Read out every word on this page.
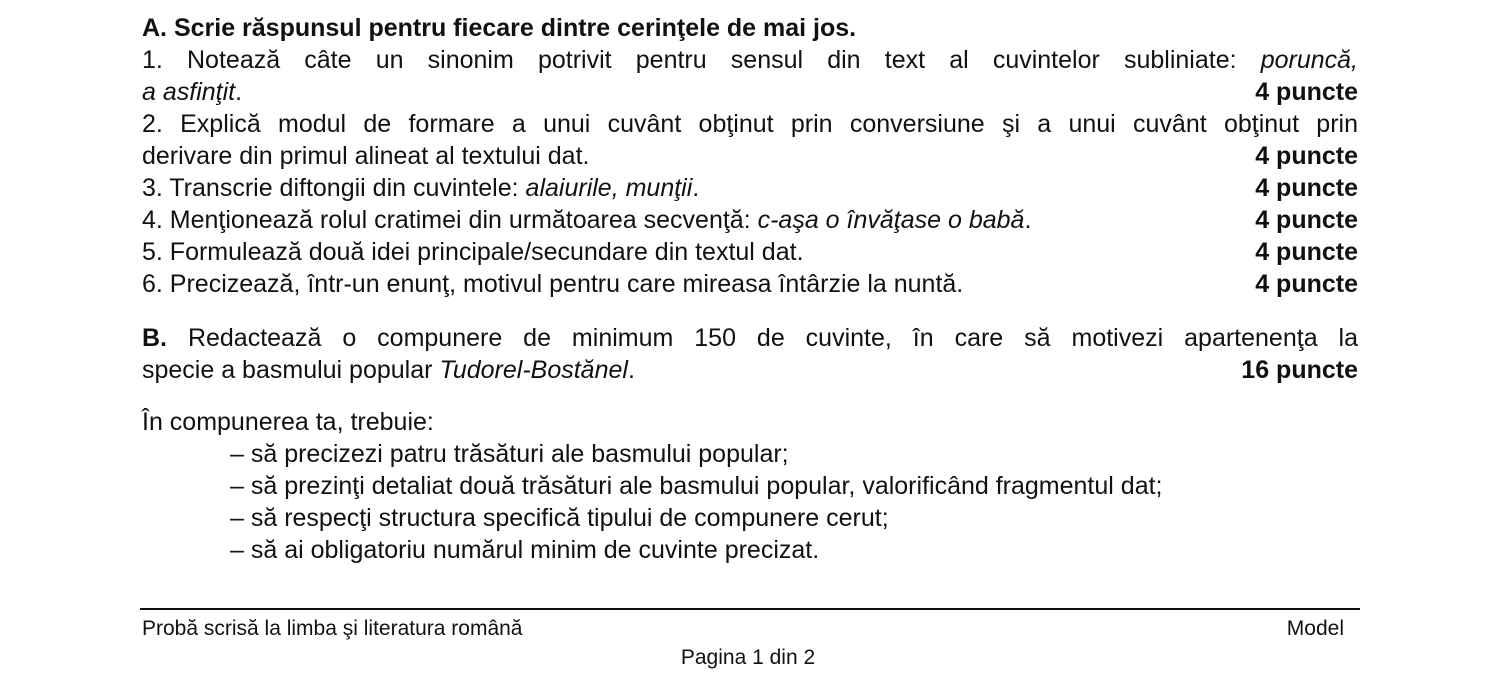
A. Scrie răspunsul pentru fiecare dintre cerinţele de mai jos.
1. Notează câte un sinonim potrivit pentru sensul din text al cuvintelor subliniate: poruncă,
a asfinţit.	4 puncte
2. Explică modul de formare a unui cuvânt obţinut prin conversiune şi a unui cuvânt obţinut prin
derivare din primul alineat al textului dat.	4 puncte
3. Transcrie diftongii din cuvintele: alaiurile, munţii.	4 puncte
4. Menţionează rolul cratimei din următoarea secvenţă: c-aşa o învăţase o babă.	4 puncte
5. Formulează două idei principale/secundare din textul dat.	4 puncte
6. Precizează, într-un enunţ, motivul pentru care mireasa întârzie la nuntă.	4 puncte
B. Redactează o compunere de minimum 150 de cuvinte, în care să motivezi apartenenţa la
specie a basmului popular Tudorel-Bostănel.	16 puncte
În compunerea ta, trebuie:
– să precizezi patru trăsături ale basmului popular;
– să prezinţi detaliat două trăsături ale basmului popular, valorificând fragmentul dat;
– să respecţi structura specifică tipului de compunere cerut;
– să ai obligatoriu numărul minim de cuvinte precizat.
Probă scrisă la limba şi literatura română	Model
Pagina 1 din 2
